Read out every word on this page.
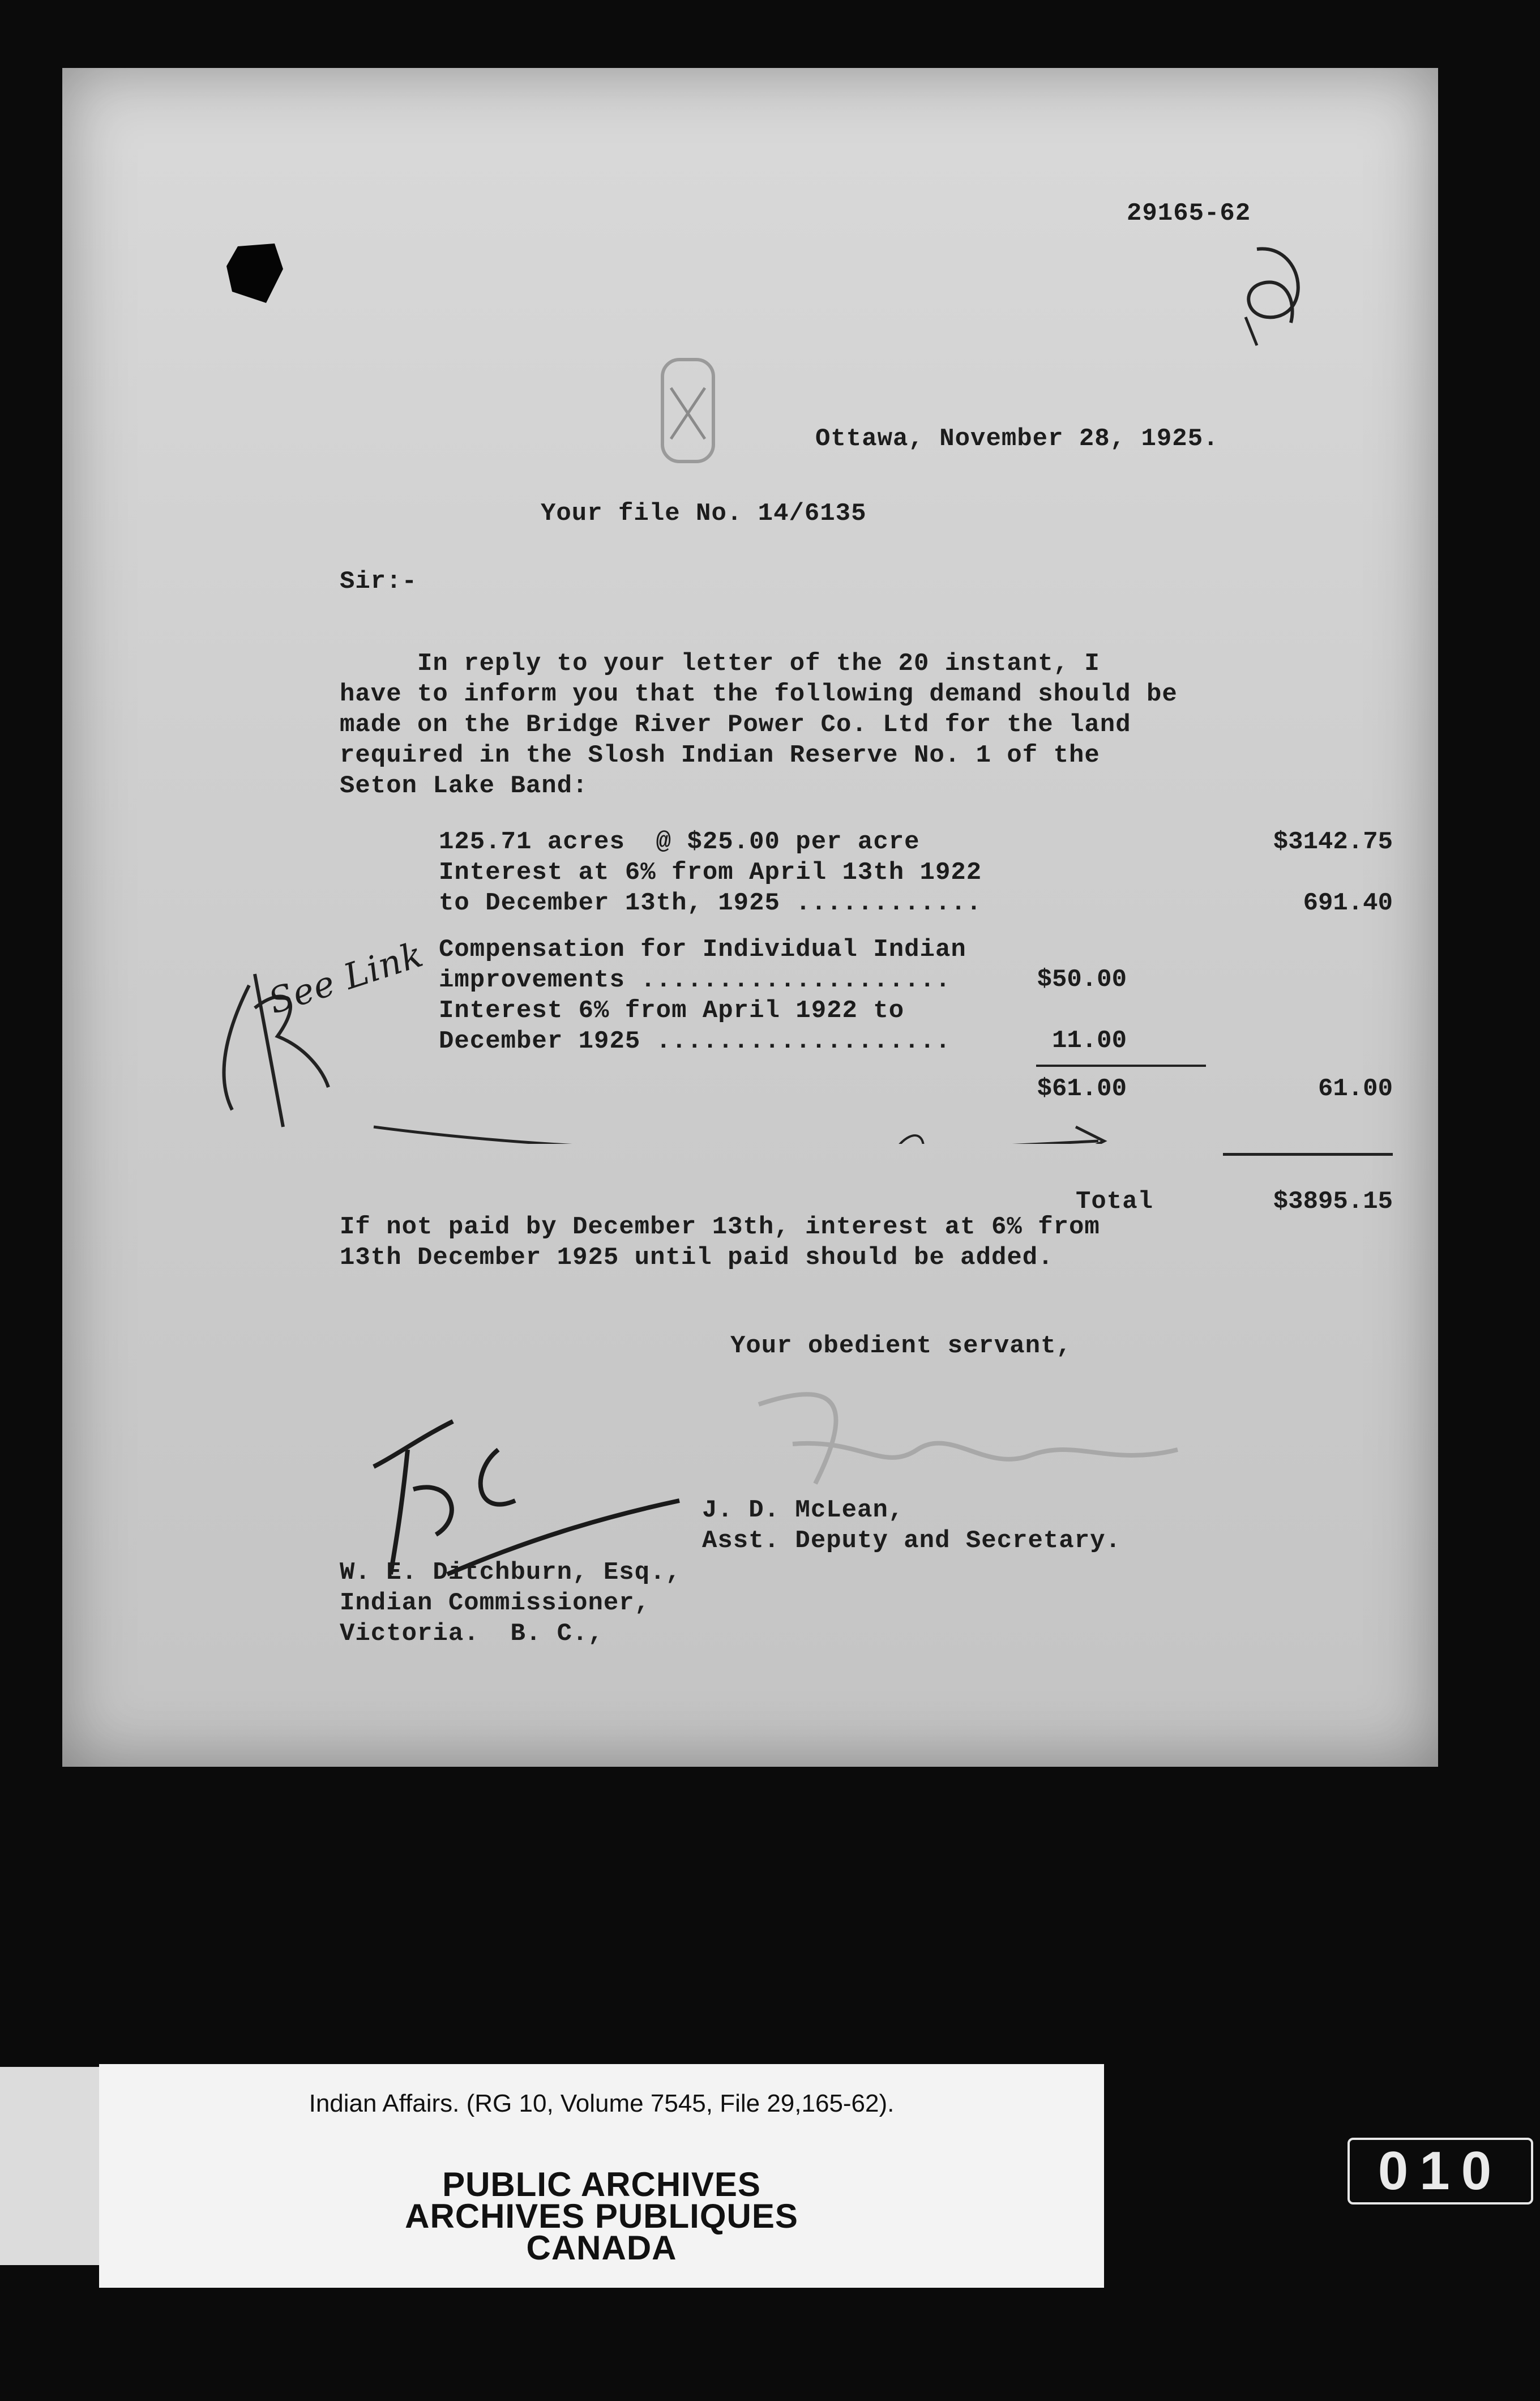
29165-62
Ottawa, November 28, 1925.
Your file No. 14/6135
Sir:-
In reply to your letter of the 20 instant, I
have to inform you that the following demand should be
made on the Bridge River Power Co. Ltd for the land
required in the Slosh Indian Reserve No. 1 of the
Seton Lake Band:
125.71 acres  @ $25.00 per acre
Interest at 6% from April 13th 1922
to December 13th, 1925 ............
$3142.75
691.40
Compensation for Individual Indian
improvements ....................
Interest 6% from April 1922 to
December 1925 ...................
$50.00
11.00
$61.00	61.00
See Link
Total	$3895.15
If not paid by December 13th, interest at 6% from
13th December 1925 until paid should be added.
Your obedient servant,
J. D. McLean,
Asst. Deputy and Secretary.
W. E. Ditchburn, Esq.,
Indian Commissioner,
Victoria.  B. C.,
Indian Affairs. (RG 10, Volume 7545, File 29,165-62).
PUBLIC ARCHIVES
ARCHIVES PUBLIQUES
CANADA
010
